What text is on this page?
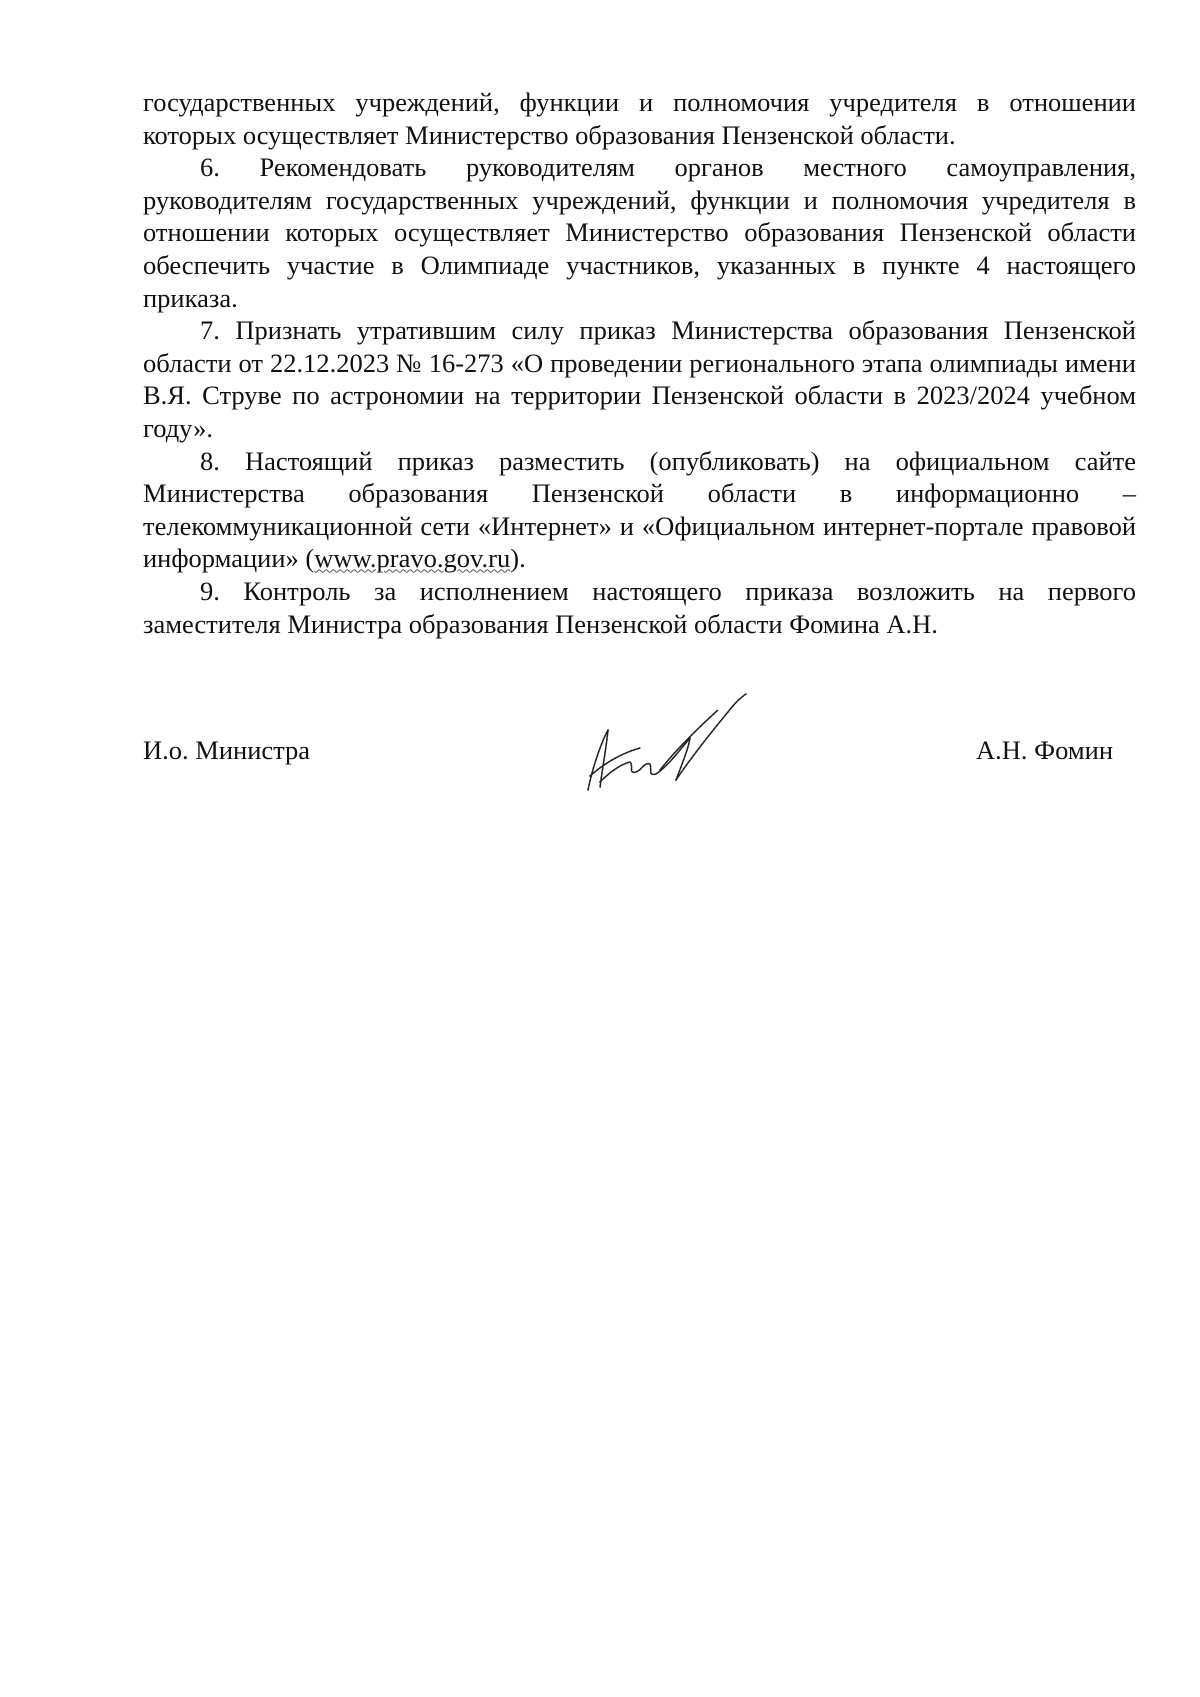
государственных учреждений, функции и полномочия учредителя в отношении которых осуществляет Министерство образования Пензенской области.

6. Рекомендовать руководителям органов местного самоуправления, руководителям государственных учреждений, функции и полномочия учредителя в отношении которых осуществляет Министерство образования Пензенской области обеспечить участие в Олимпиаде участников, указанных в пункте 4 настоящего приказа.

7. Признать утратившим силу приказ Министерства образования Пензенской области от 22.12.2023 № 16-273 «О проведении регионального этапа олимпиады имени В.Я. Струве по астрономии на территории Пензенской области в 2023/2024 учебном году».

8. Настоящий приказ разместить (опубликовать) на официальном сайте Министерства образования Пензенской области в информационно – телекоммуникационной сети «Интернет» и «Официальном интернет-портале правовой информации» (www.pravo.gov.ru).

9. Контроль за исполнением настоящего приказа возложить на первого заместителя Министра образования Пензенской области Фомина А.Н.

И.о. Министра	А.Н. Фомин
